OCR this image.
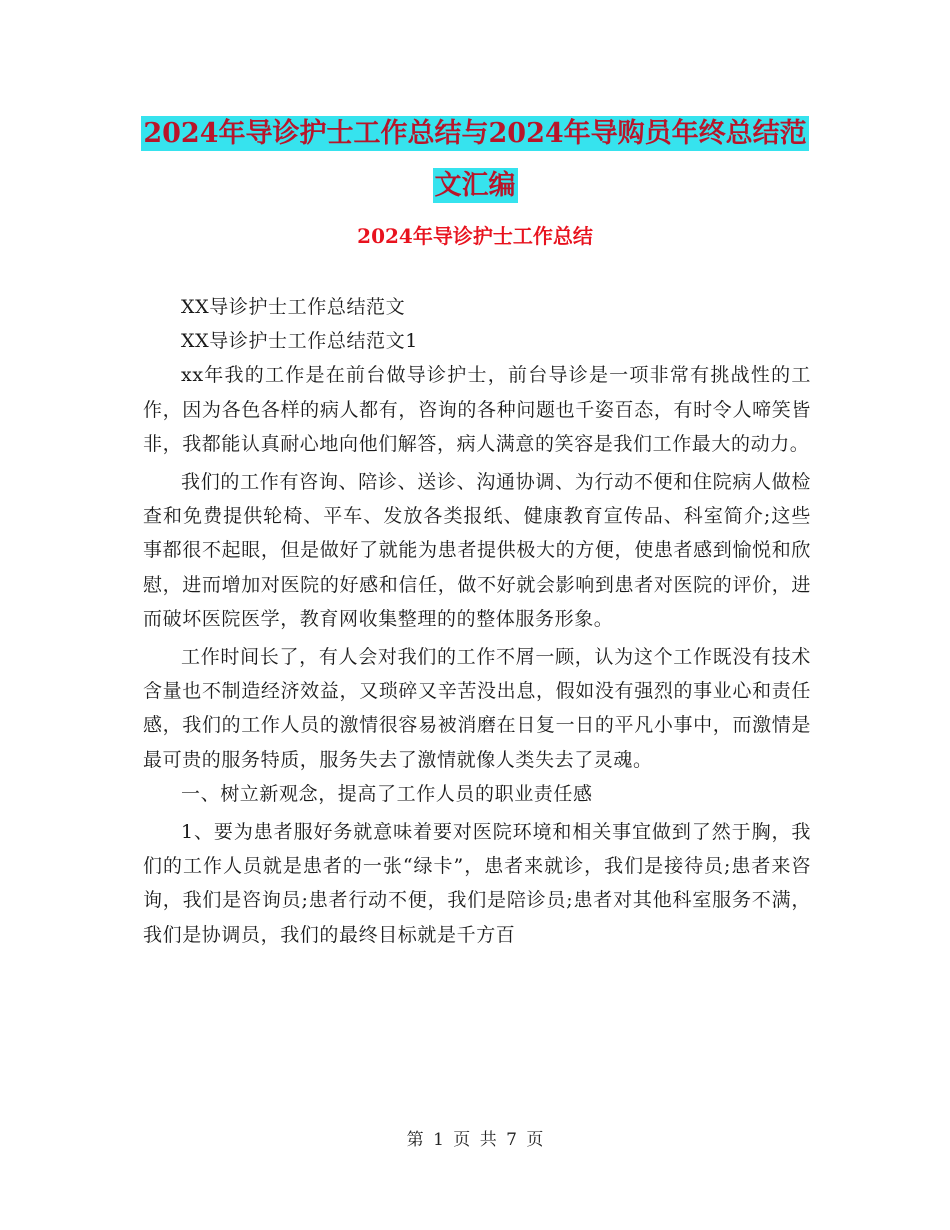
2024年导诊护士工作总结与2024年导购员年终总结范
文汇编
2024年导诊护士工作总结

XX导诊护士工作总结范文

XX导诊护士工作总结范文1

xx年我的工作是在前台做导诊护士，前台导诊是一项非常有挑战性的工作，因为各色各样的病人都有，咨询的各种问题也千姿百态，有时令人啼笑皆非，我都能认真耐心地向他们解答，病人满意的笑容是我们工作最大的动力。

我们的工作有咨询、陪诊、送诊、沟通协调、为行动不便和住院病人做检查和免费提供轮椅、平车、发放各类报纸、健康教育宣传品、科室简介;这些事都很不起眼，但是做好了就能为患者提供极大的方便，使患者感到愉悦和欣慰，进而增加对医院的好感和信任，做不好就会影响到患者对医院的评价，进而破坏医院医学，教育网收集整理的的整体服务形象。

工作时间长了，有人会对我们的工作不屑一顾，认为这个工作既没有技术含量也不制造经济效益，又琐碎又辛苦没出息，假如没有强烈的事业心和责任感，我们的工作人员的激情很容易被消磨在日复一日的平凡小事中，而激情是最可贵的服务特质，服务失去了激情就像人类失去了灵魂。

一、树立新观念，提高了工作人员的职业责任感

1、要为患者服好务就意味着要对医院环境和相关事宜做到了然于胸，我们的工作人员就是患者的一张“绿卡”，患者来就诊，我们是接待员;患者来咨询，我们是咨询员;患者行动不便，我们是陪诊员;患者对其他科室服务不满，我们是协调员，我们的最终目标就是千方百

第 1 页 共 7 页
